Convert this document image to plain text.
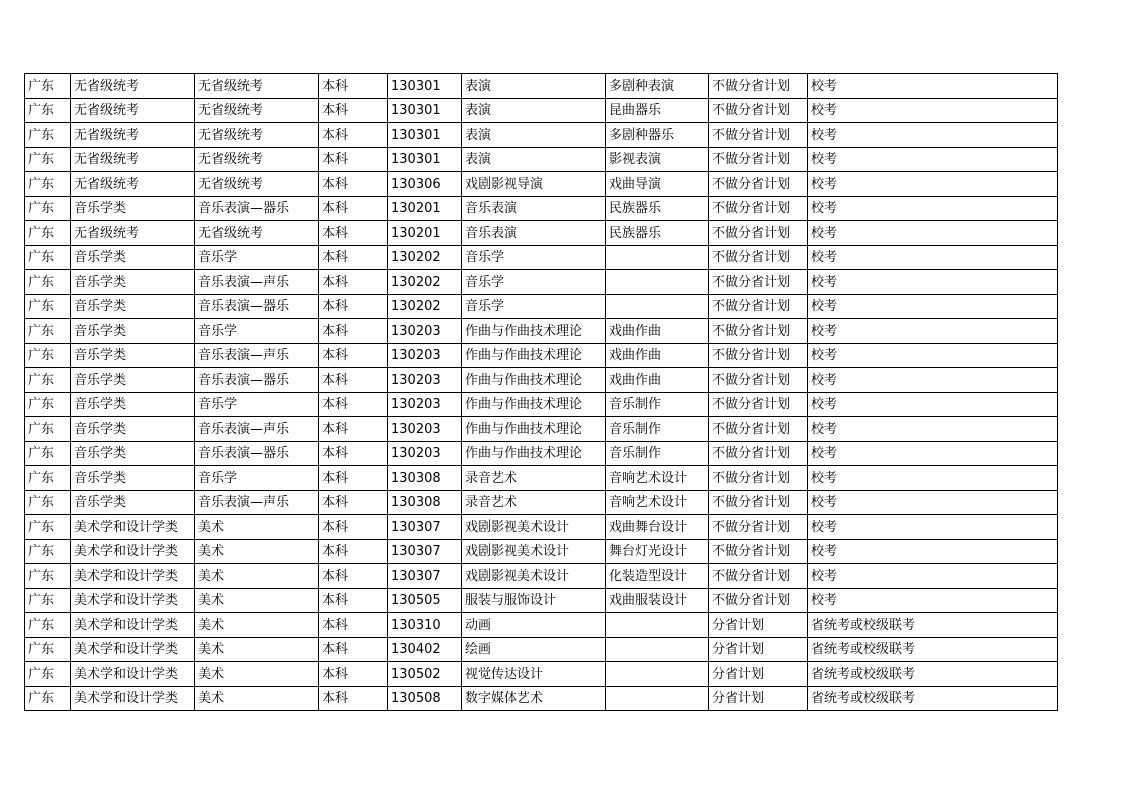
广东	无省级统考	无省级统考	本科	130301	表演	多剧种表演	不做分省计划	校考
广东	无省级统考	无省级统考	本科	130301	表演	昆曲器乐	不做分省计划	校考
广东	无省级统考	无省级统考	本科	130301	表演	多剧种器乐	不做分省计划	校考
广东	无省级统考	无省级统考	本科	130301	表演	影视表演	不做分省计划	校考
广东	无省级统考	无省级统考	本科	130306	戏剧影视导演	戏曲导演	不做分省计划	校考
广东	音乐学类	音乐表演—器乐	本科	130201	音乐表演	民族器乐	不做分省计划	校考
广东	无省级统考	无省级统考	本科	130201	音乐表演	民族器乐	不做分省计划	校考
广东	音乐学类	音乐学	本科	130202	音乐学		不做分省计划	校考
广东	音乐学类	音乐表演—声乐	本科	130202	音乐学		不做分省计划	校考
广东	音乐学类	音乐表演—器乐	本科	130202	音乐学		不做分省计划	校考
广东	音乐学类	音乐学	本科	130203	作曲与作曲技术理论	戏曲作曲	不做分省计划	校考
广东	音乐学类	音乐表演—声乐	本科	130203	作曲与作曲技术理论	戏曲作曲	不做分省计划	校考
广东	音乐学类	音乐表演—器乐	本科	130203	作曲与作曲技术理论	戏曲作曲	不做分省计划	校考
广东	音乐学类	音乐学	本科	130203	作曲与作曲技术理论	音乐制作	不做分省计划	校考
广东	音乐学类	音乐表演—声乐	本科	130203	作曲与作曲技术理论	音乐制作	不做分省计划	校考
广东	音乐学类	音乐表演—器乐	本科	130203	作曲与作曲技术理论	音乐制作	不做分省计划	校考
广东	音乐学类	音乐学	本科	130308	录音艺术	音响艺术设计	不做分省计划	校考
广东	音乐学类	音乐表演—声乐	本科	130308	录音艺术	音响艺术设计	不做分省计划	校考
广东	美术学和设计学类	美术	本科	130307	戏剧影视美术设计	戏曲舞台设计	不做分省计划	校考
广东	美术学和设计学类	美术	本科	130307	戏剧影视美术设计	舞台灯光设计	不做分省计划	校考
广东	美术学和设计学类	美术	本科	130307	戏剧影视美术设计	化装造型设计	不做分省计划	校考
广东	美术学和设计学类	美术	本科	130505	服装与服饰设计	戏曲服装设计	不做分省计划	校考
广东	美术学和设计学类	美术	本科	130310	动画		分省计划	省统考或校级联考
广东	美术学和设计学类	美术	本科	130402	绘画		分省计划	省统考或校级联考
广东	美术学和设计学类	美术	本科	130502	视觉传达设计		分省计划	省统考或校级联考
广东	美术学和设计学类	美术	本科	130508	数字媒体艺术		分省计划	省统考或校级联考
